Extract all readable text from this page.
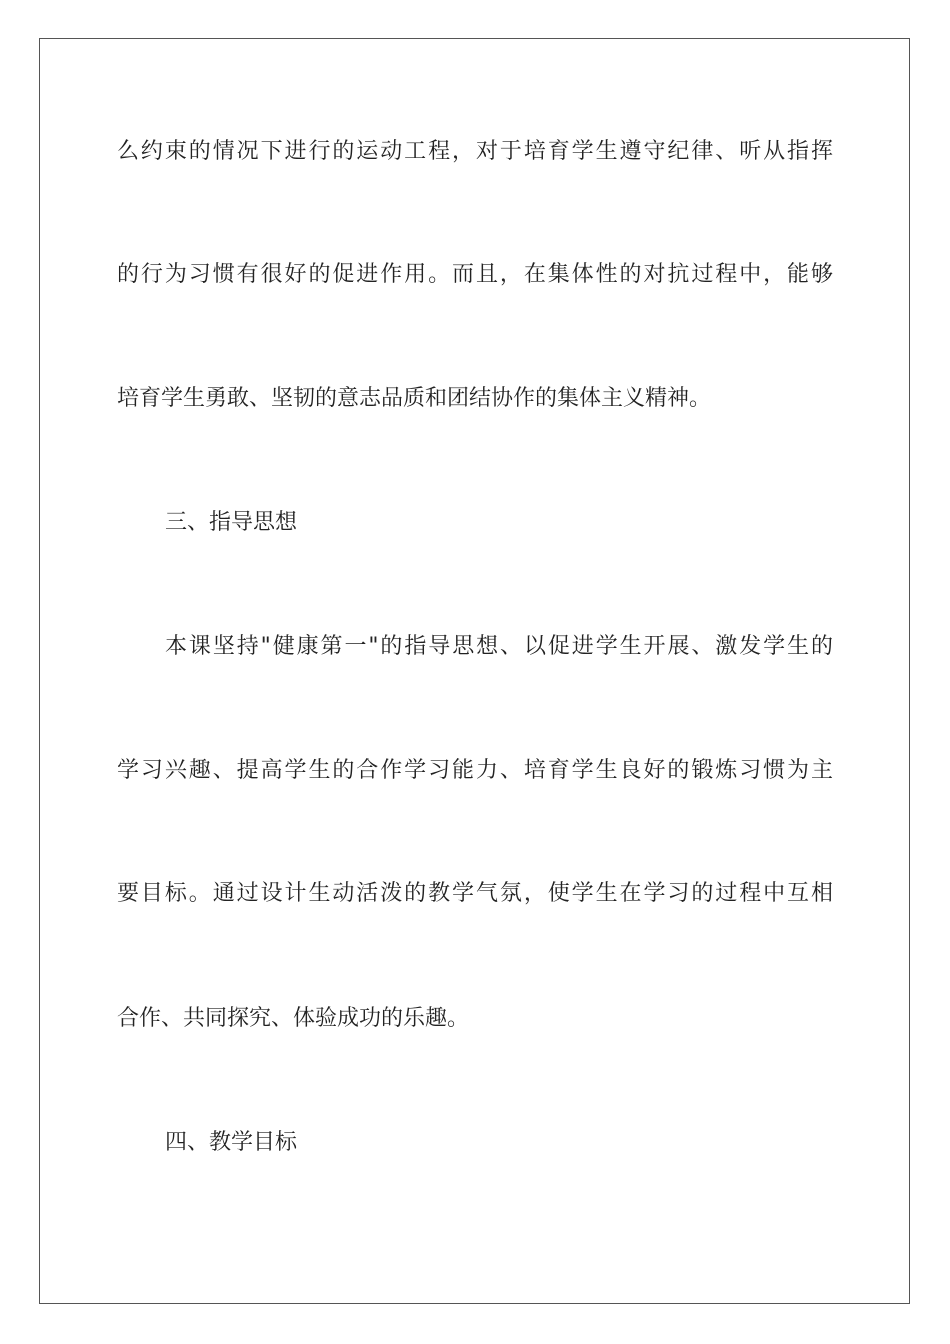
么约束的情况下进行的运动工程，对于培育学生遵守纪律、听从指挥
的行为习惯有很好的促进作用。而且，在集体性的对抗过程中，能够
培育学生勇敢、坚韧的意志品质和团结协作的集体主义精神。
三、指导思想
本课坚持"健康第一"的指导思想、以促进学生开展、激发学生的
学习兴趣、提高学生的合作学习能力、培育学生良好的锻炼习惯为主
要目标。通过设计生动活泼的教学气氛，使学生在学习的过程中互相
合作、共同探究、体验成功的乐趣。
四、教学目标
